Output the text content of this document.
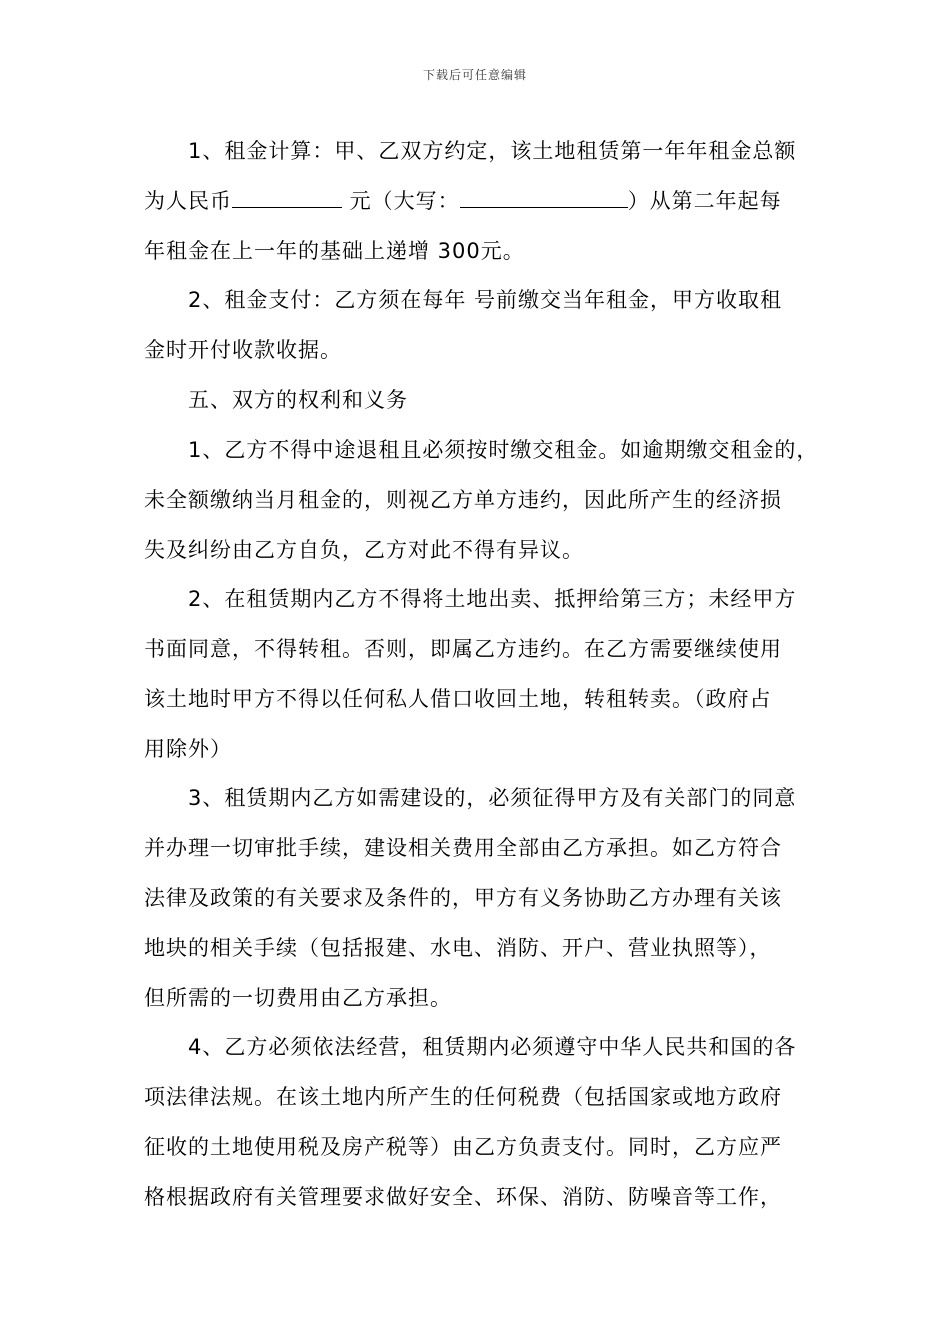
下载后可任意编辑
1、租金计算：甲、乙双方约定，该土地租赁第一年年租金总额
为人民币	元（大写：	）从第二年起每
年租金在上一年的基础上递增 300元。
2、租金支付：乙方须在每年 号前缴交当年租金，甲方收取租
金时开付收款收据。
五、双方的权利和义务
1、乙方不得中途退租且必须按时缴交租金。如逾期缴交租金的，
未全额缴纳当月租金的，则视乙方单方违约，因此所产生的经济损
失及纠纷由乙方自负，乙方对此不得有异议。
2、在租赁期内乙方不得将土地出卖、抵押给第三方；未经甲方
书面同意，不得转租。否则，即属乙方违约。在乙方需要继续使用
该土地时甲方不得以任何私人借口收回土地，转租转卖。（政府占
用除外）
3、租赁期内乙方如需建设的，必须征得甲方及有关部门的同意
并办理一切审批手续，建设相关费用全部由乙方承担。如乙方符合
法律及政策的有关要求及条件的，甲方有义务协助乙方办理有关该
地块的相关手续（包括报建、水电、消防、开户、营业执照等），
但所需的一切费用由乙方承担。
4、乙方必须依法经营，租赁期内必须遵守中华人民共和国的各
项法律法规。在该土地内所产生的任何税费（包括国家或地方政府
征收的土地使用税及房产税等）由乙方负责支付。同时，乙方应严
格根据政府有关管理要求做好安全、环保、消防、防噪音等工作，
